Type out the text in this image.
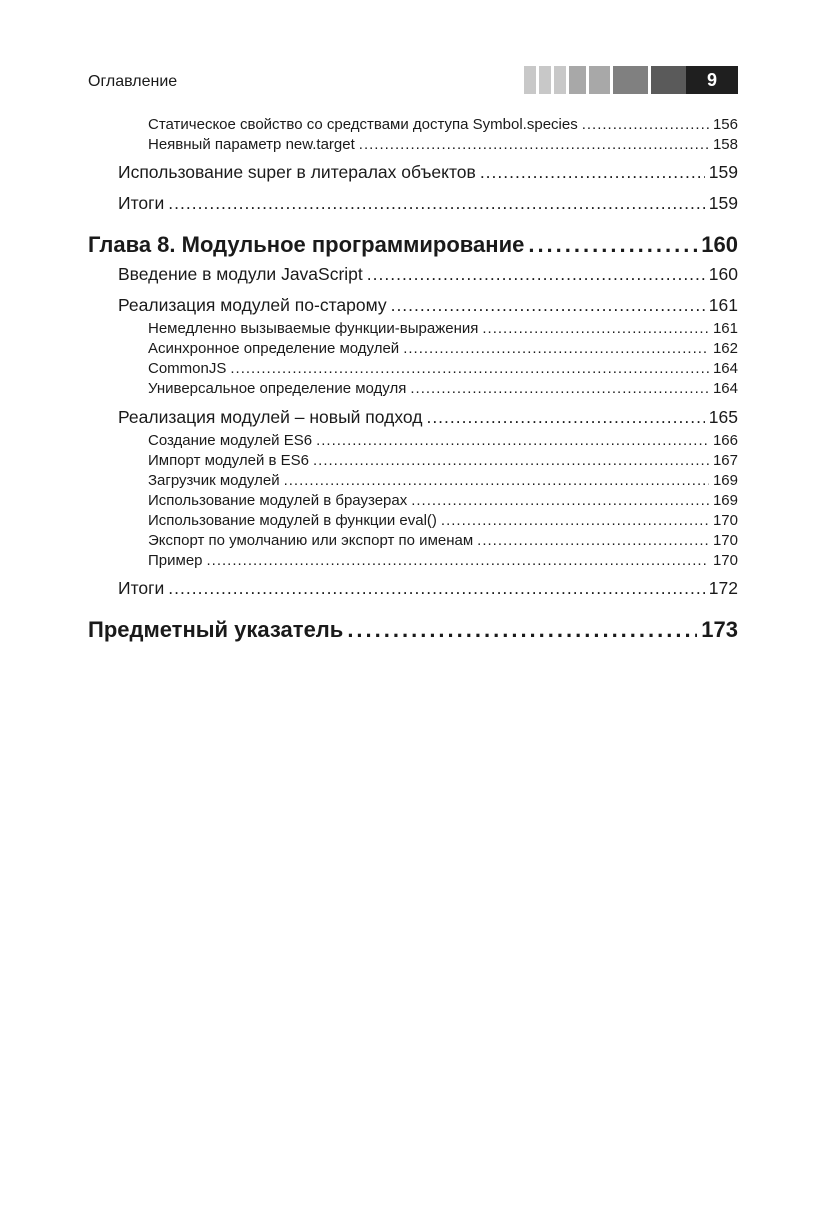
Оглавление	9
Статическое свойство со средствами доступа Symbol.species .....	156
Неявный параметр new.target .....	158
Использование super в литералах объектов .....	159
Итоги .....	159
Глава 8. Модульное программирование .....	160
Введение в модули JavaScript .....	160
Реализация модулей по-старому .....	161
Немедленно вызываемые функции-выражения .....	161
Асинхронное определение модулей .....	162
CommonJS .....	164
Универсальное определение модуля .....	164
Реализация модулей – новый подход .....	165
Создание модулей ES6 .....	166
Импорт модулей в ES6 .....	167
Загрузчик модулей .....	169
Использование модулей в браузерах .....	169
Использование модулей в функции eval() .....	170
Экспорт по умолчанию или экспорт по именам .....	170
Пример .....	170
Итоги .....	172
Предметный указатель .....	173
